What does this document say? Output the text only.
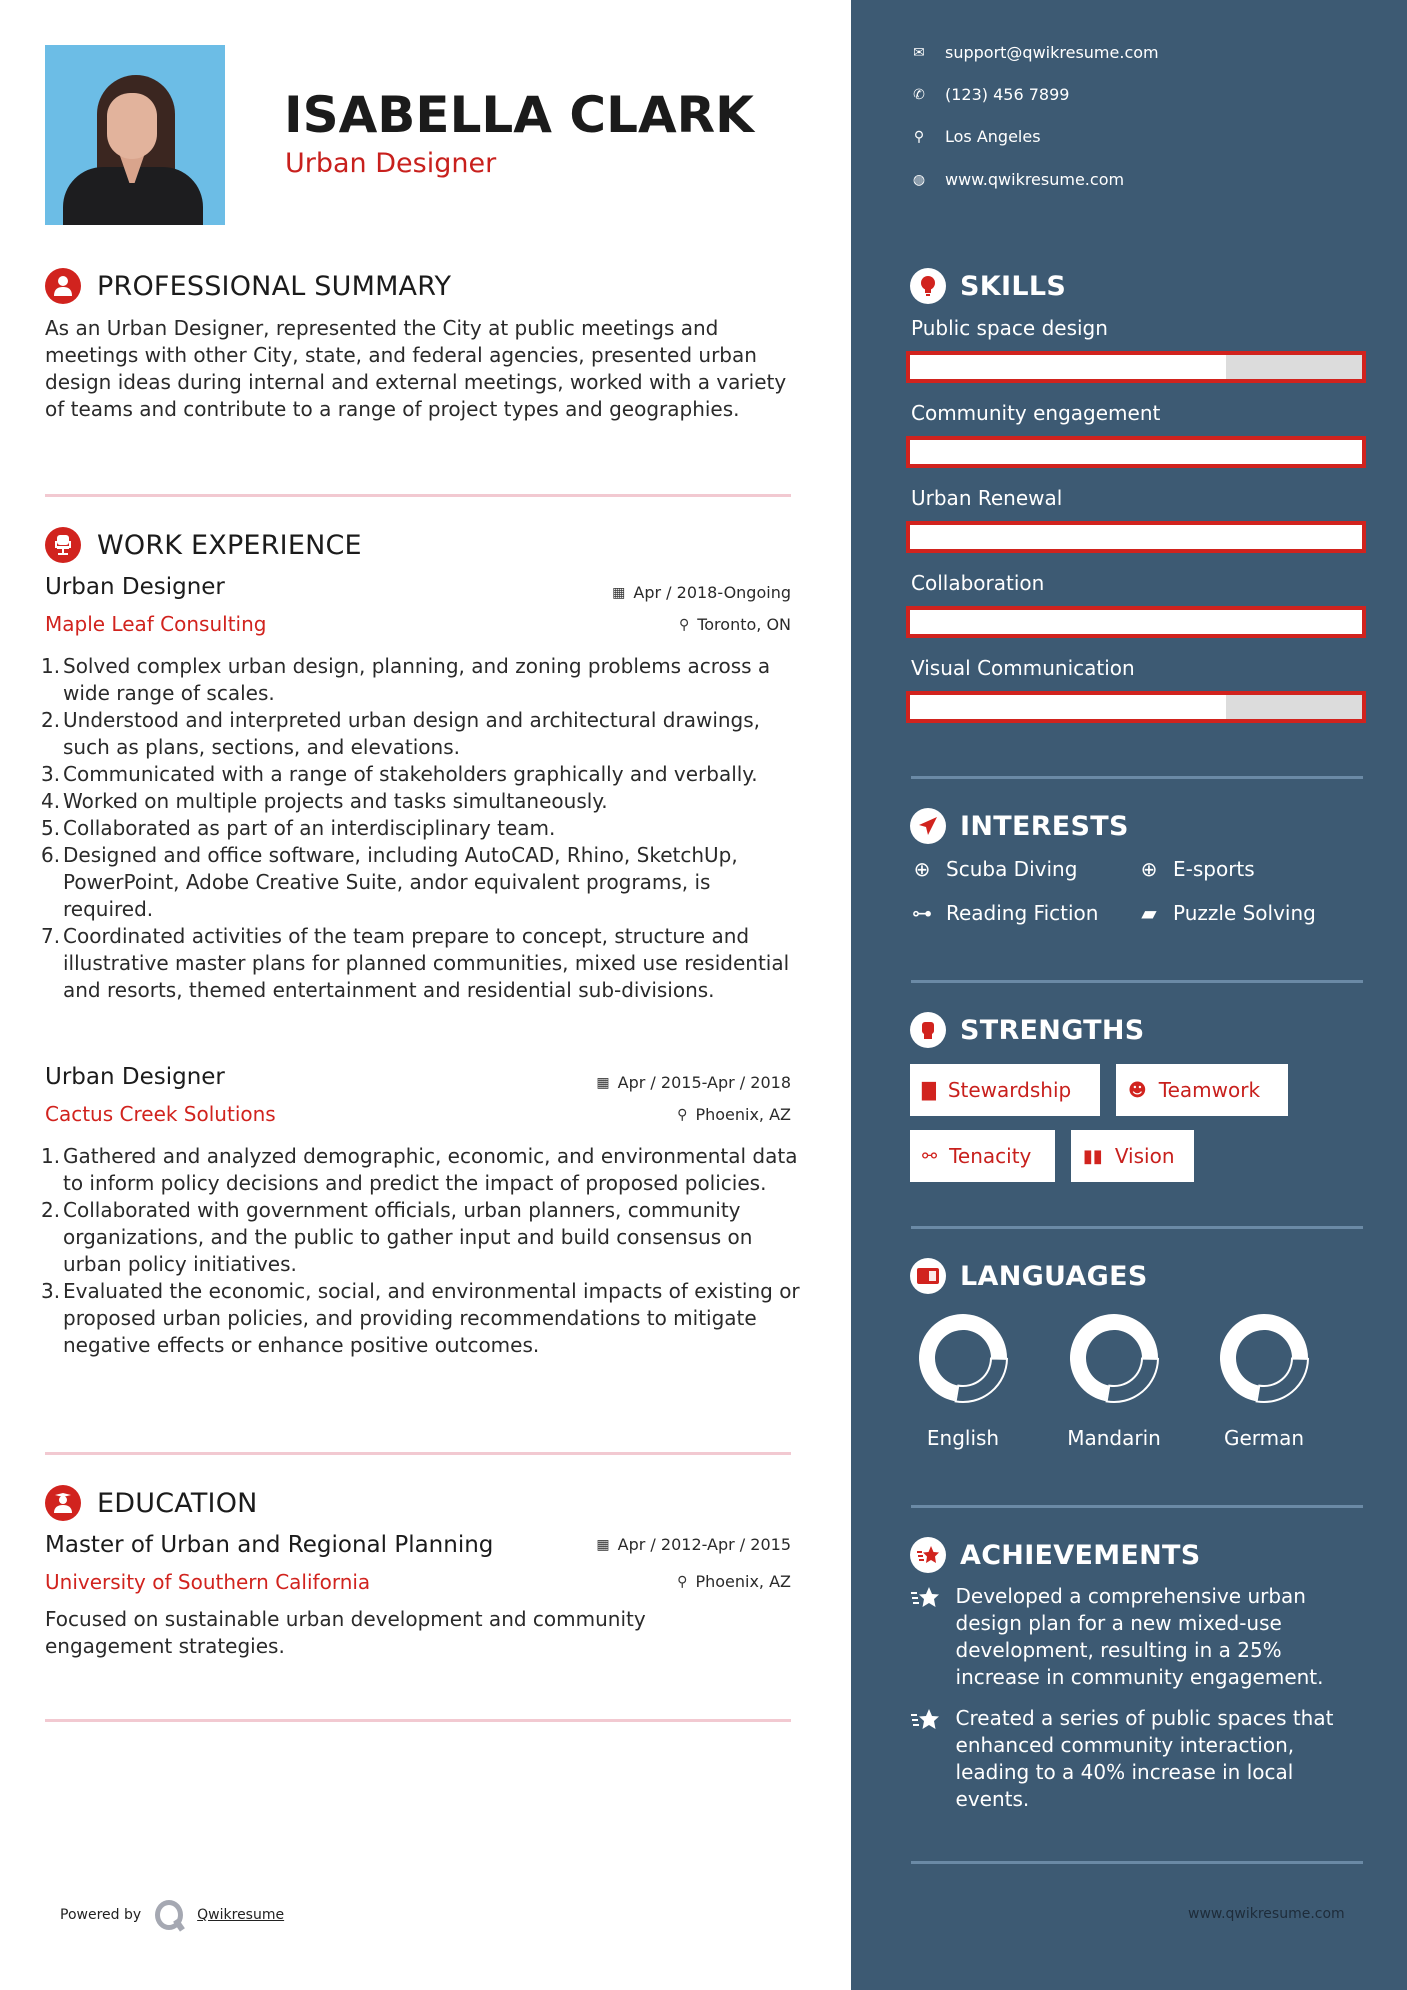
ISABELLA CLARK
Urban Designer
PROFESSIONAL SUMMARY
As an Urban Designer, represented the City at public meetings and meetings with other City, state, and federal agencies, presented urban design ideas during internal and external meetings, worked with a variety of teams and contribute to a range of project types and geographies.
WORK EXPERIENCE
Urban Designer	▦ Apr / 2018-Ongoing
Maple Leaf Consulting	⚲ Toronto, ON
Solved complex urban design, planning, and zoning problems across a wide range of scales.
Understood and interpreted urban design and architectural drawings, such as plans, sections, and elevations.
Communicated with a range of stakeholders graphically and verbally.
Worked on multiple projects and tasks simultaneously.
Collaborated as part of an interdisciplinary team.
Designed and office software, including AutoCAD, Rhino, SketchUp, PowerPoint, Adobe Creative Suite, andor equivalent programs, is required.
Coordinated activities of the team prepare to concept, structure and illustrative master plans for planned communities, mixed use residential and resorts, themed entertainment and residential sub-divisions.
Urban Designer	▦ Apr / 2015-Apr / 2018
Cactus Creek Solutions	⚲ Phoenix, AZ
Gathered and analyzed demographic, economic, and environmental data to inform policy decisions and predict the impact of proposed policies.
Collaborated with government officials, urban planners, community organizations, and the public to gather input and build consensus on urban policy initiatives.
Evaluated the economic, social, and environmental impacts of existing or proposed urban policies, and providing recommendations to mitigate negative effects or enhance positive outcomes.
EDUCATION
Master of Urban and Regional Planning	▦ Apr / 2012-Apr / 2015
University of Southern California	⚲ Phoenix, AZ
Focused on sustainable urban development and community engagement strategies.
Powered by	Qwikresume
✉ support@qwikresume.com
✆ (123) 456 7899
⚲ Los Angeles
◍ www.qwikresume.com
SKILLS
Public space design
Community engagement
Urban Renewal
Collaboration
Visual Communication
INTERESTS
⊕ Scuba Diving	⊕ E-sports
⊶ Reading Fiction ▰ Puzzle Solving
STRENGTHS
▇ Stewardship	☻ Teamwork
⚯ Tenacity	▮▮ Vision
LANGUAGES
English	Mandarin	German
ACHIEVEMENTS
Developed a comprehensive urban design plan for a new mixed-use development, resulting in a 25% increase in community engagement.
Created a series of public spaces that enhanced community interaction, leading to a 40% increase in local events.
www.qwikresume.com
